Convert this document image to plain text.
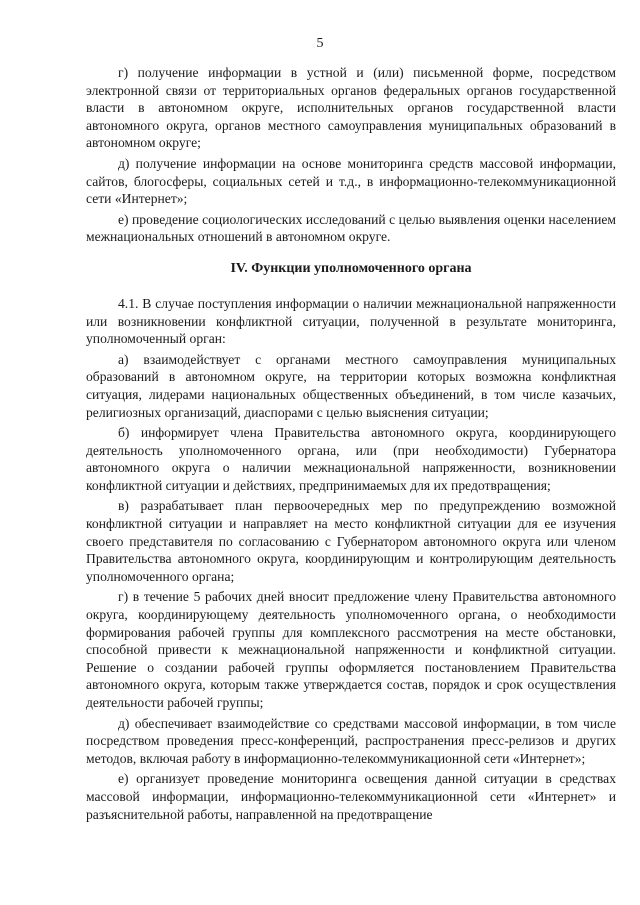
5

г) получение информации в устной и (или) письменной форме, посредством электронной связи от территориальных органов федеральных органов государственной власти в автономном округе, исполнительных органов государственной власти автономного округа, органов местного самоуправления муниципальных образований в автономном округе;

д) получение информации на основе мониторинга средств массовой информации, сайтов, блогосферы, социальных сетей и т.д., в информационно-телекоммуникационной сети «Интернет»;

е) проведение социологических исследований с целью выявления оценки населением межнациональных отношений в автономном округе.

IV. Функции уполномоченного органа

4.1. В случае поступления информации о наличии межнациональной напряженности или возникновении конфликтной ситуации, полученной в результате мониторинга, уполномоченный орган:

а) взаимодействует с органами местного самоуправления муниципальных образований в автономном округе, на территории которых возможна конфликтная ситуация, лидерами национальных общественных объединений, в том числе казачьих, религиозных организаций, диаспорами с целью выяснения ситуации;

б) информирует члена Правительства автономного округа, координирующего деятельность уполномоченного органа, или (при необходимости) Губернатора автономного округа о наличии межнациональной напряженности, возникновении конфликтной ситуации и действиях, предпринимаемых для их предотвращения;

в) разрабатывает план первоочередных мер по предупреждению возможной конфликтной ситуации и направляет на место конфликтной ситуации для ее изучения своего представителя по согласованию с Губернатором автономного округа или членом Правительства автономного округа, координирующим и контролирующим деятельность уполномоченного органа;

г) в течение 5 рабочих дней вносит предложение члену Правительства автономного округа, координирующему деятельность уполномоченного органа, о необходимости формирования рабочей группы для комплексного рассмотрения на месте обстановки, способной привести к межнациональной напряженности и конфликтной ситуации. Решение о создании рабочей группы оформляется постановлением Правительства автономного округа, которым также утверждается состав, порядок и срок осуществления деятельности рабочей группы;

д) обеспечивает взаимодействие со средствами массовой информации, в том числе посредством проведения пресс-конференций, распространения пресс-релизов и других методов, включая работу в информационно-телекоммуникационной сети «Интернет»;

е) организует проведение мониторинга освещения данной ситуации в средствах массовой информации, информационно-телекоммуникационной сети «Интернет» и разъяснительной работы, направленной на предотвращение
